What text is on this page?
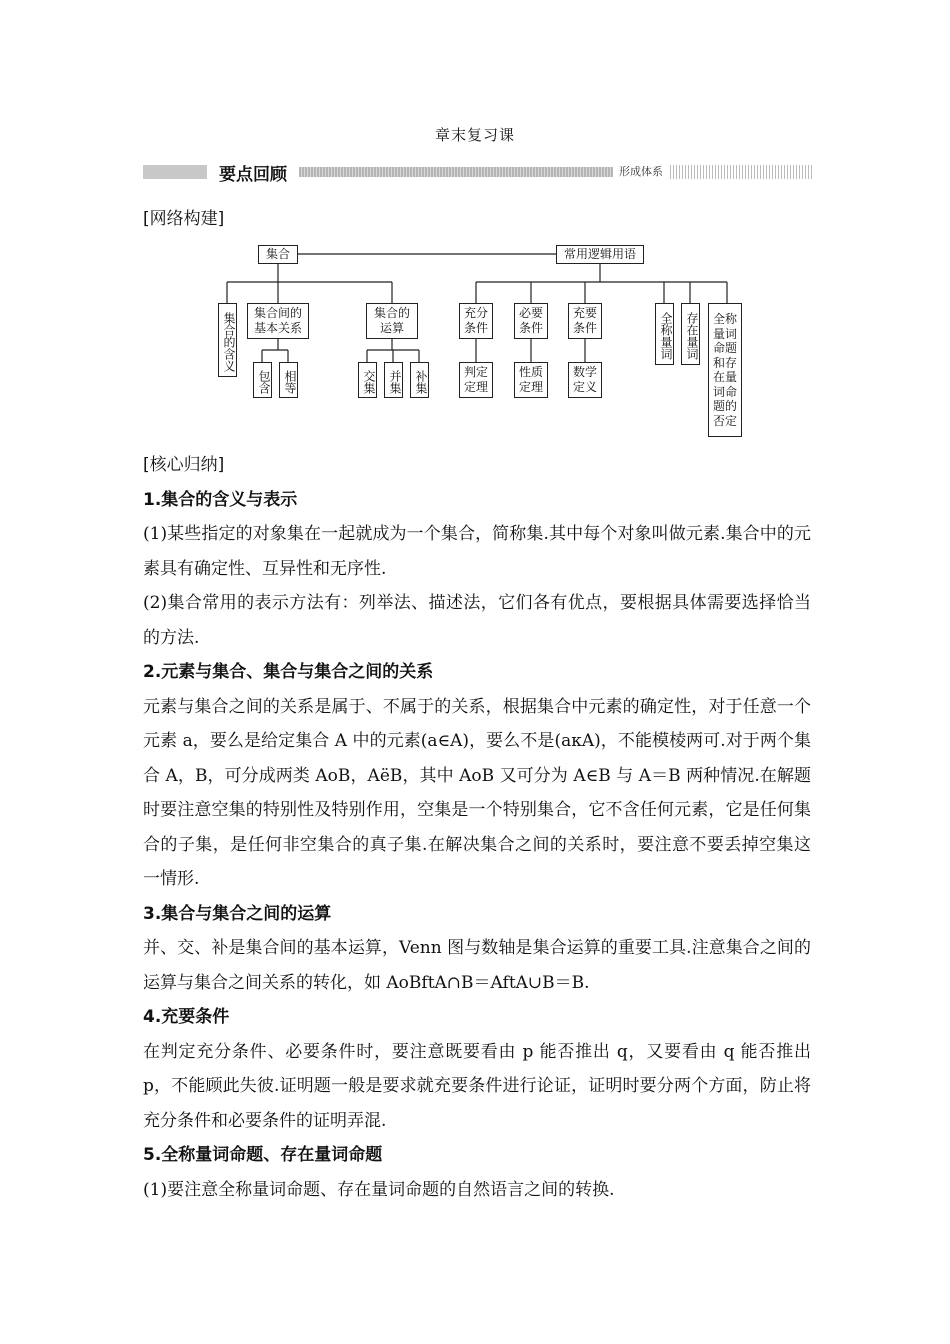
章末复习课
要点回顾	形成体系
[网络构建]
集合	常用逻辑用语
集合的含义	集合间的
基本关系
集合的
运算
包含	相等	交集	并集	补集
充分
条件
必要
条件
充要
条件
判定
定理
性质
定理
数学
定义
全称量词	存在量词 全称量词命题和存在量词命题的否定

[核心归纳]

1.集合的含义与表示

(1)某些指定的对象集在一起就成为一个集合，简称集.其中每个对象叫做元素.集合中的元素具有确定性、互异性和无序性.

(2)集合常用的表示方法有：列举法、描述法，它们各有优点，要根据具体需要选择恰当的方法.

2.元素与集合、集合与集合之间的关系

元素与集合之间的关系是属于、不属于的关系，根据集合中元素的确定性，对于任意一个元素 a，要么是给定集合 A 中的元素(a∈A)，要么不是(aκA)，不能模棱两可.对于两个集合 A，B，可分成两类 AoB，AëB，其中 AoB 又可分为 A∈B 与 A＝B 两种情况.在解题时要注意空集的特别性及特别作用，空集是一个特别集合，它不含任何元素，它是任何集合的子集，是任何非空集合的真子集.在解决集合之间的关系时，要注意不要丢掉空集这一情形.

3.集合与集合之间的运算

并、交、补是集合间的基本运算，Venn 图与数轴是集合运算的重要工具.注意集合之间的运算与集合之间关系的转化，如 AoBftA∩B＝AftA∪B＝B.

4.充要条件

在判定充分条件、必要条件时，要注意既要看由 p 能否推出 q，又要看由 q 能否推出 p，不能顾此失彼.证明题一般是要求就充要条件进行论证，证明时要分两个方面，防止将充分条件和必要条件的证明弄混.

5.全称量词命题、存在量词命题

(1)要注意全称量词命题、存在量词命题的自然语言之间的转换.
